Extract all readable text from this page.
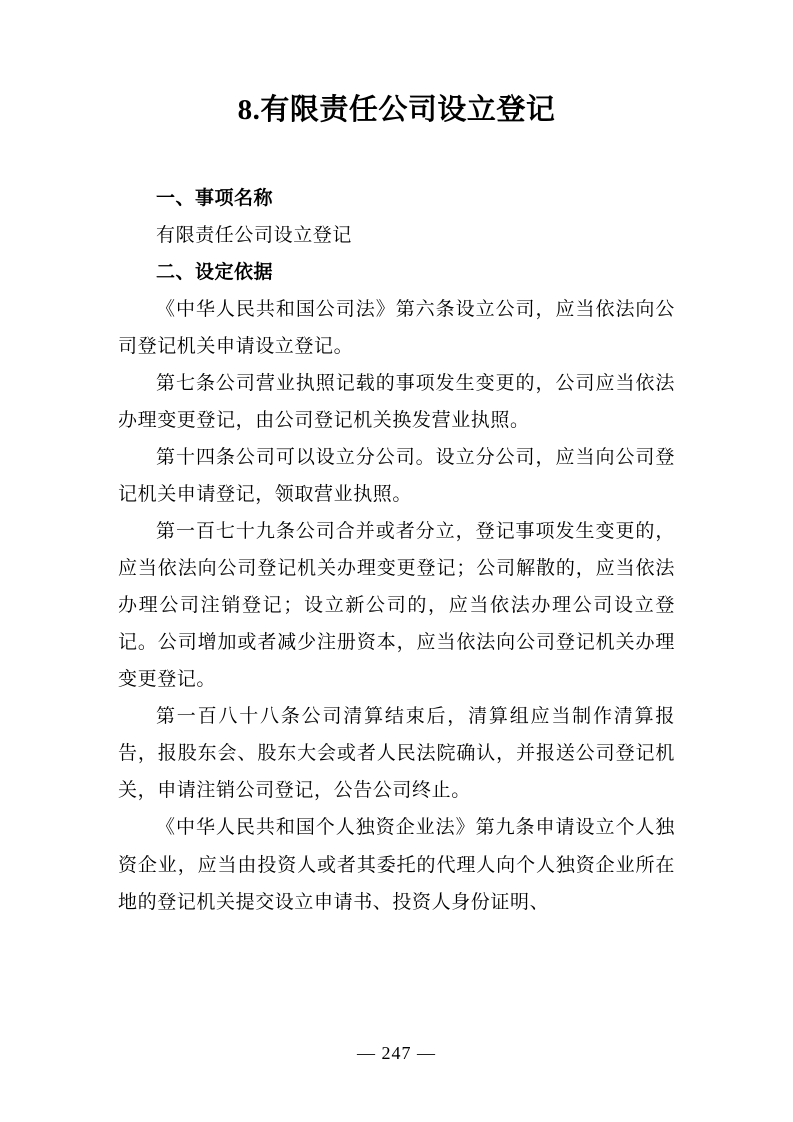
8.有限责任公司设立登记

一、事项名称

有限责任公司设立登记

二、设定依据

《中华人民共和国公司法》第六条设立公司，应当依法向公司登记机关申请设立登记。

第七条公司营业执照记载的事项发生变更的，公司应当依法办理变更登记，由公司登记机关换发营业执照。

第十四条公司可以设立分公司。设立分公司，应当向公司登记机关申请登记，领取营业执照。

第一百七十九条公司合并或者分立，登记事项发生变更的，应当依法向公司登记机关办理变更登记；公司解散的，应当依法办理公司注销登记；设立新公司的，应当依法办理公司设立登记。公司增加或者减少注册资本，应当依法向公司登记机关办理变更登记。

第一百八十八条公司清算结束后，清算组应当制作清算报告，报股东会、股东大会或者人民法院确认，并报送公司登记机关，申请注销公司登记，公告公司终止。

《中华人民共和国个人独资企业法》第九条申请设立个人独资企业，应当由投资人或者其委托的代理人向个人独资企业所在地的登记机关提交设立申请书、投资人身份证明、

— 247 —
